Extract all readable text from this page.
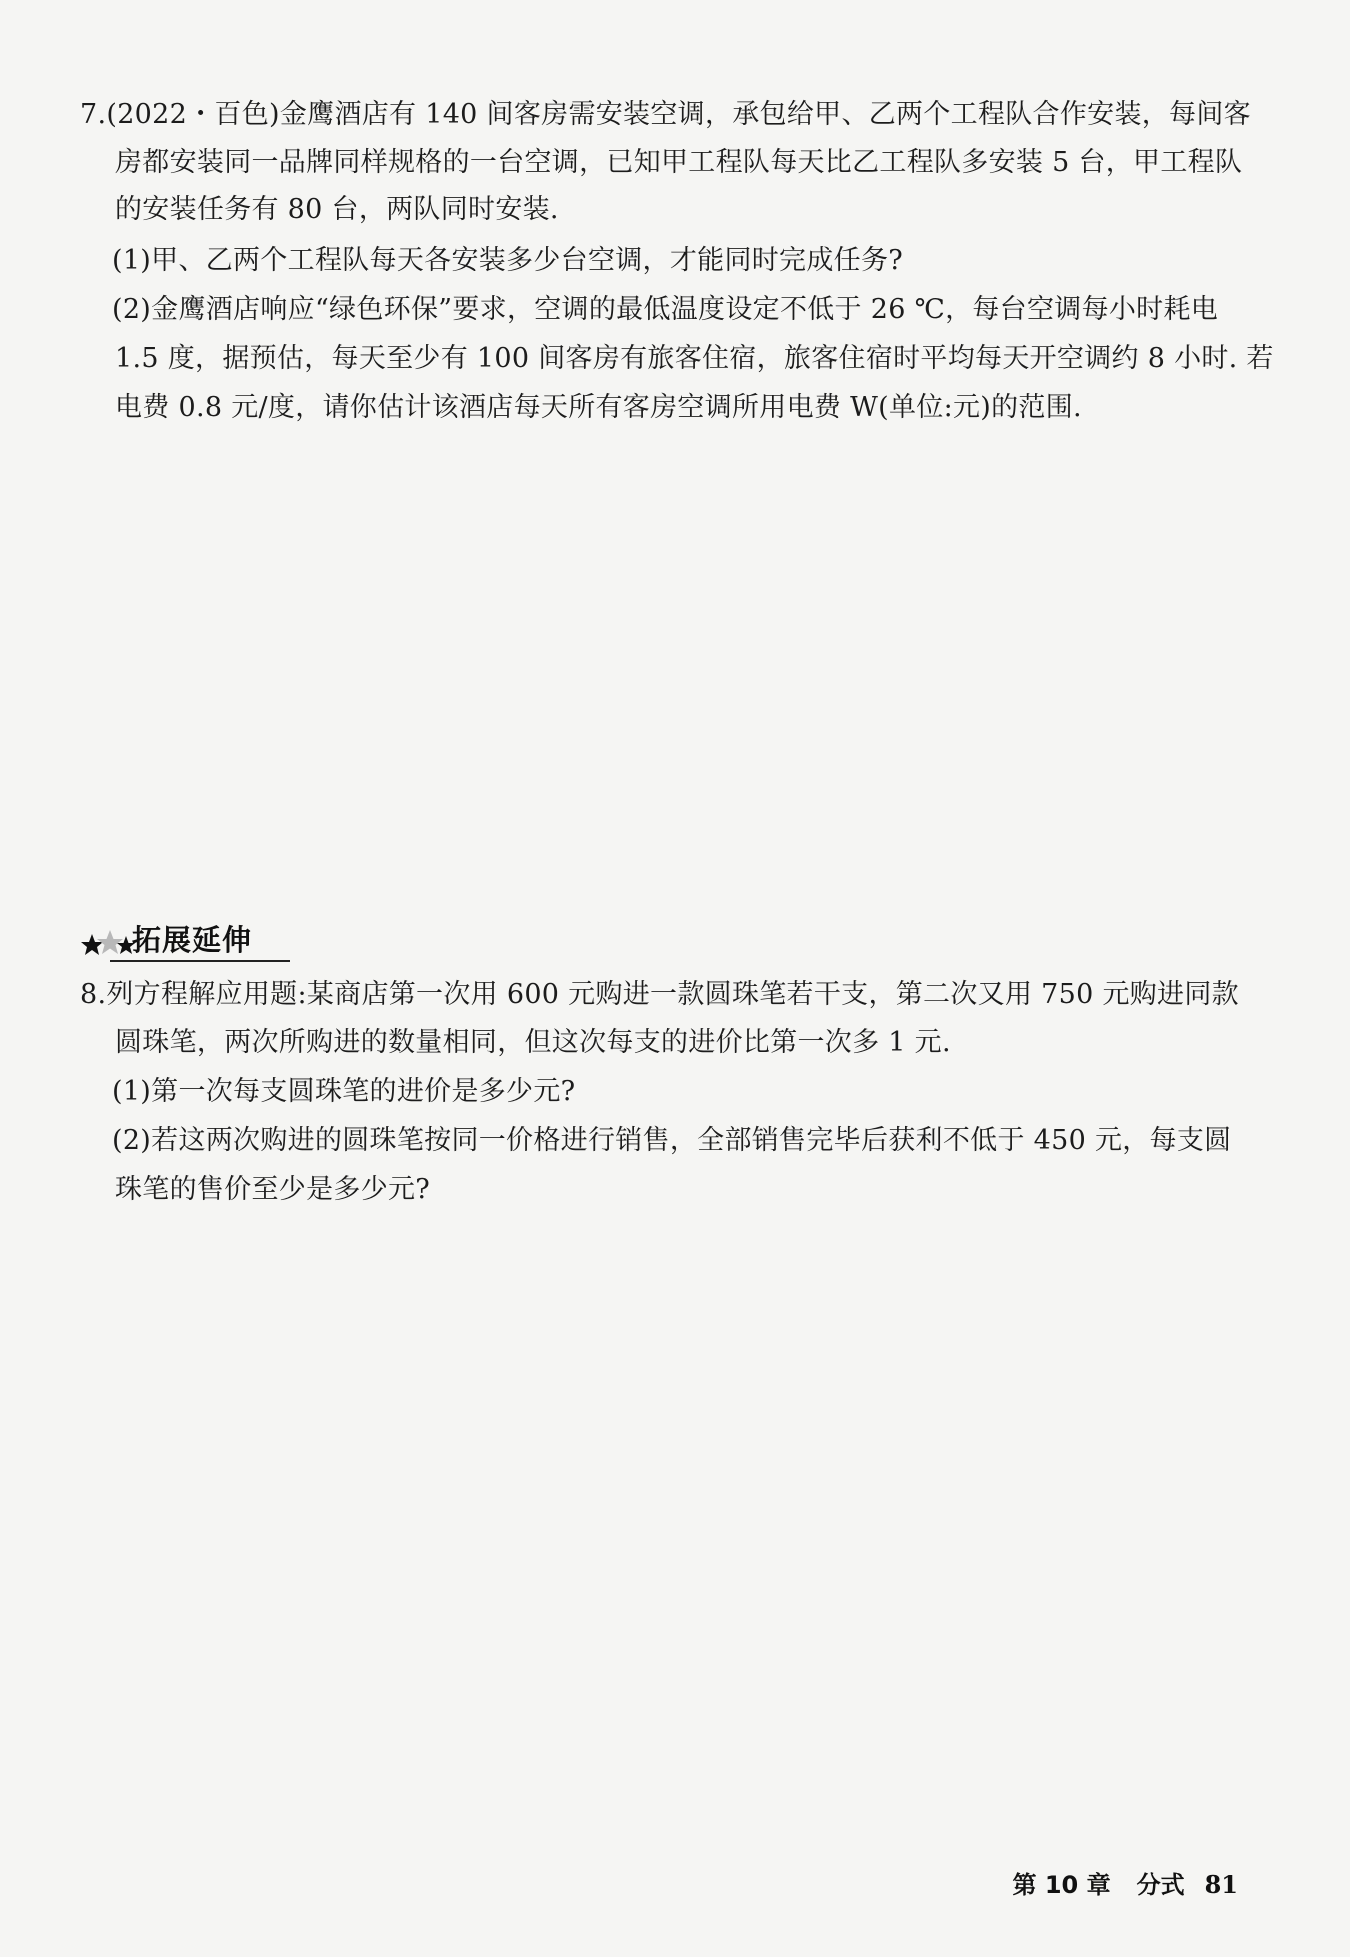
7.(2022・百色)金鹰酒店有 140 间客房需安装空调，承包给甲、乙两个工程队合作安装，每间客
房都安装同一品牌同样规格的一台空调，已知甲工程队每天比乙工程队多安装 5 台，甲工程队
的安装任务有 80 台，两队同时安装.
(1)甲、乙两个工程队每天各安装多少台空调，才能同时完成任务?
(2)金鹰酒店响应“绿色环保”要求，空调的最低温度设定不低于 26 ℃，每台空调每小时耗电
1.5 度，据预估，每天至少有 100 间客房有旅客住宿，旅客住宿时平均每天开空调约 8 小时. 若
电费 0.8 元/度，请你估计该酒店每天所有客房空调所用电费 W(单位:元)的范围.
拓展延伸
8.列方程解应用题:某商店第一次用 600 元购进一款圆珠笔若干支，第二次又用 750 元购进同款
圆珠笔，两次所购进的数量相同，但这次每支的进价比第一次多 1 元.
(1)第一次每支圆珠笔的进价是多少元?
(2)若这两次购进的圆珠笔按同一价格进行销售，全部销售完毕后获利不低于 450 元，每支圆
珠笔的售价至少是多少元?
第 10 章 分式 81
